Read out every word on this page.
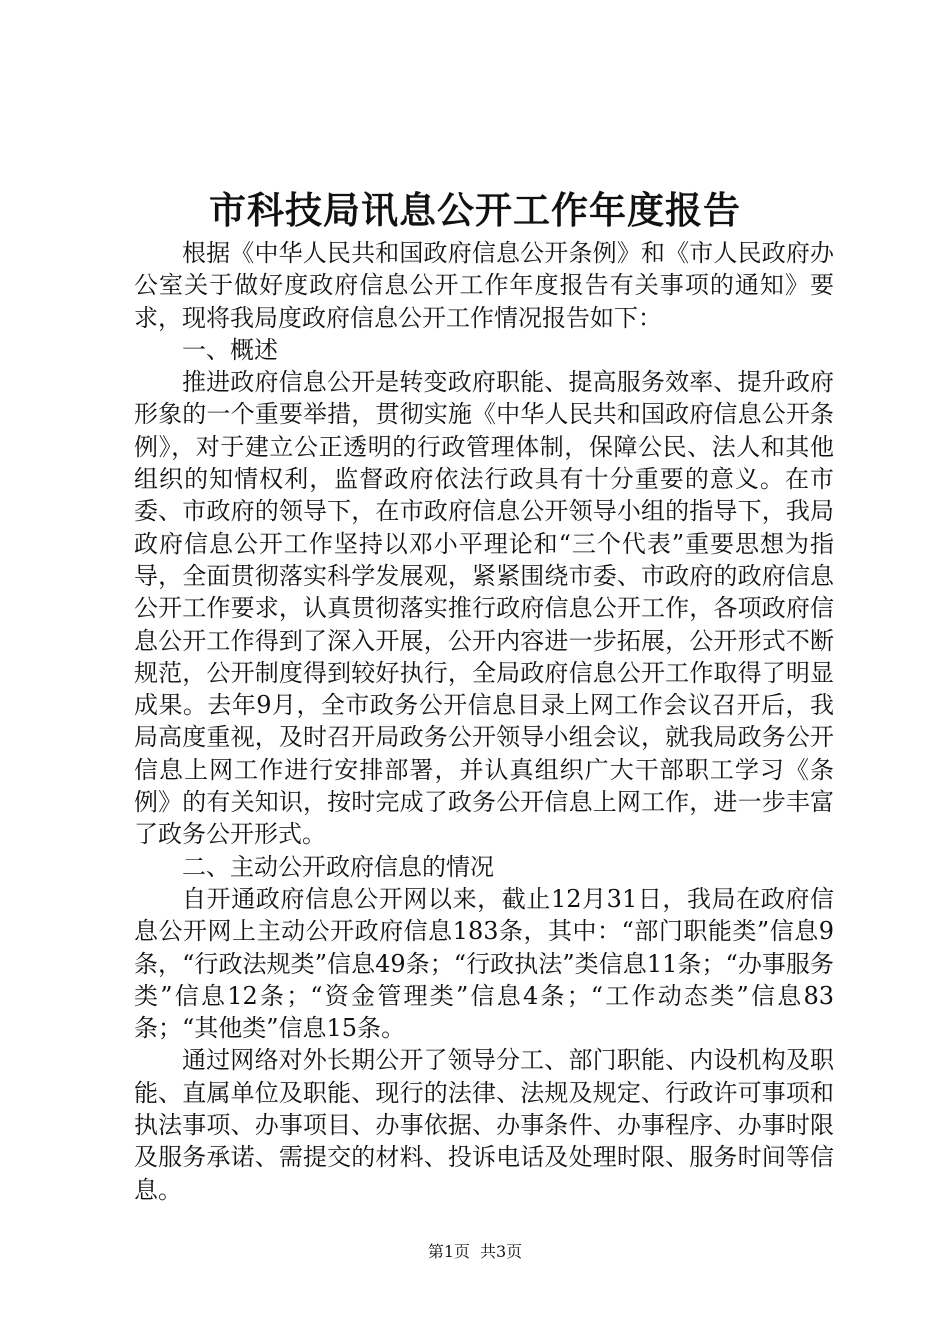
市科技局讯息公开工作年度报告

根据《中华人民共和国政府信息公开条例》和《市人民政府办公室关于做好度政府信息公开工作年度报告有关事项的通知》要求，现将我局度政府信息公开工作情况报告如下：

一、概述

推进政府信息公开是转变政府职能、提高服务效率、提升政府形象的一个重要举措，贯彻实施《中华人民共和国政府信息公开条例》，对于建立公正透明的行政管理体制，保障公民、法人和其他组织的知情权利，监督政府依法行政具有十分重要的意义。在市委、市政府的领导下，在市政府信息公开领导小组的指导下，我局政府信息公开工作坚持以邓小平理论和“三个代表”重要思想为指导，全面贯彻落实科学发展观，紧紧围绕市委、市政府的政府信息公开工作要求，认真贯彻落实推行政府信息公开工作，各项政府信息公开工作得到了深入开展，公开内容进一步拓展，公开形式不断规范，公开制度得到较好执行，全局政府信息公开工作取得了明显成果。去年9月，全市政务公开信息目录上网工作会议召开后，我局高度重视，及时召开局政务公开领导小组会议，就我局政务公开信息上网工作进行安排部署，并认真组织广大干部职工学习《条例》的有关知识，按时完成了政务公开信息上网工作，进一步丰富了政务公开形式。

二、主动公开政府信息的情况

自开通政府信息公开网以来，截止12月31日，我局在政府信息公开网上主动公开政府信息183条，其中：“部门职能类”信息9条，“行政法规类”信息49条；“行政执法”类信息11条；“办事服务类”信息12条；“资金管理类”信息4条；“工作动态类”信息83条；“其他类”信息15条。

通过网络对外长期公开了领导分工、部门职能、内设机构及职能、直属单位及职能、现行的法律、法规及规定、行政许可事项和执法事项、办事项目、办事依据、办事条件、办事程序、办事时限及服务承诺、需提交的材料、投诉电话及处理时限、服务时间等信息。

第1页 共3页
